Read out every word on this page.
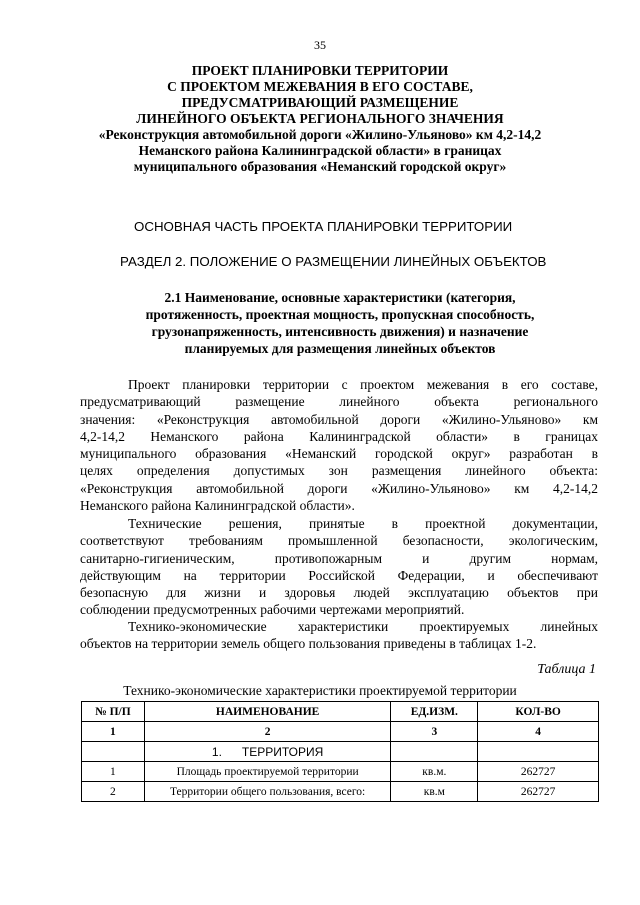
35
ПРОЕКТ ПЛАНИРОВКИ ТЕРРИТОРИИ
С ПРОЕКТОМ МЕЖЕВАНИЯ В ЕГО СОСТАВЕ,
ПРЕДУСМАТРИВАЮЩИЙ РАЗМЕЩЕНИЕ
ЛИНЕЙНОГО ОБЪЕКТА РЕГИОНАЛЬНОГО ЗНАЧЕНИЯ
«Реконструкция автомобильной дороги «Жилино-Ульяново» км 4,2-14,2
Неманского района Калининградской области» в границах
муниципального образования «Неманский городской округ»
ОСНОВНАЯ ЧАСТЬ ПРОЕКТА ПЛАНИРОВКИ ТЕРРИТОРИИ
РАЗДЕЛ 2. ПОЛОЖЕНИЕ О РАЗМЕЩЕНИИ ЛИНЕЙНЫХ ОБЪЕКТОВ
2.1 Наименование, основные характеристики (категория,
протяженность, проектная мощность, пропускная способность,
грузонапряженность, интенсивность движения) и назначение
планируемых для размещения линейных объектов
Проект планировки территории с проектом межевания в его составе,
предусматривающий размещение линейного объекта регионального
значения: «Реконструкция автомобильной дороги «Жилино-Ульяново» км
4,2-14,2 Неманского района Калининградской области» в границах
муниципального образования «Неманский городской округ» разработан в
целях определения допустимых зон размещения линейного объекта:
«Реконструкция автомобильной дороги «Жилино-Ульяново» км 4,2-14,2
Неманского района Калининградской области».
Технические решения, принятые в проектной документации,
соответствуют требованиям промышленной безопасности, экологическим,
санитарно-гигиеническим, противопожарным и другим нормам,
действующим на территории Российской Федерации, и обеспечивают
безопасную для жизни и здоровья людей эксплуатацию объектов при
соблюдении предусмотренных рабочими чертежами мероприятий.
Технико-экономические характеристики проектируемых линейных
объектов на территории земель общего пользования приведены в таблицах 1-2.
Таблица 1
Технико-экономические характеристики проектируемой территории
№ П/П	НАИМЕНОВАНИЕ	ЕД.ИЗМ.	КОЛ-ВО
1	2	3	4
	1.      ТЕРРИТОРИЯ		
1	Площадь проектируемой территории	кв.м.	262727
2	Территории общего пользования, всего:	кв.м	262727
